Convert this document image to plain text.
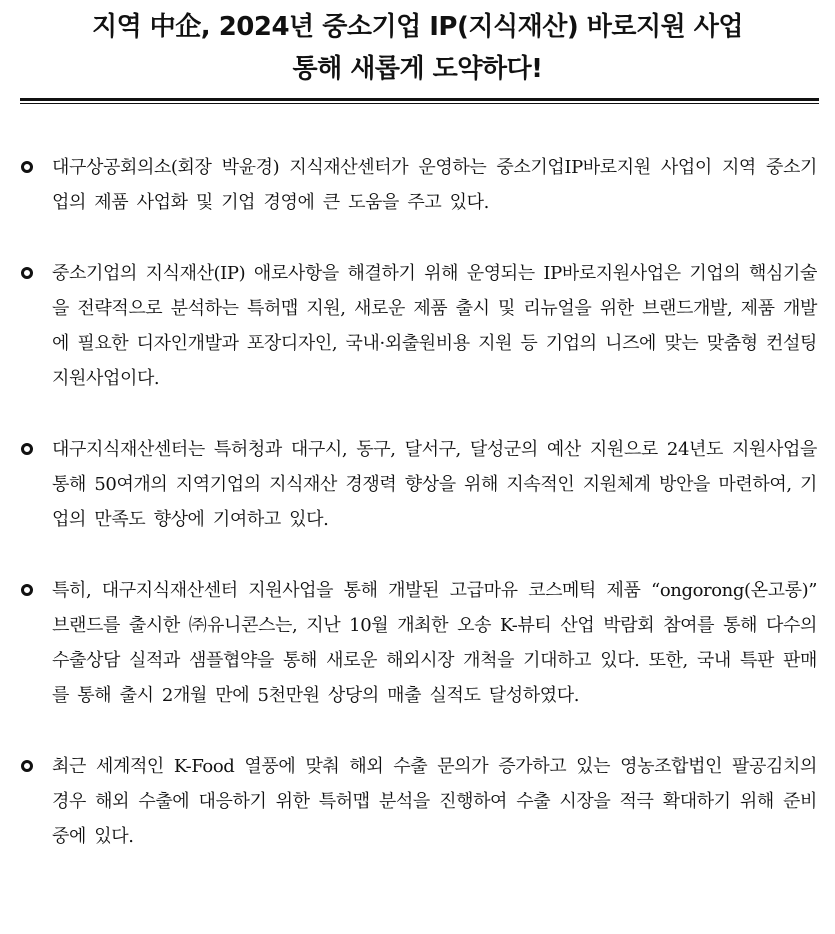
지역 中企, 2024년 중소기업 IP(지식재산) 바로지원 사업
통해 새롭게 도약하다!
대구상공회의소(회장 박윤경) 지식재산센터가 운영하는 중소기업IP바로지원 사업이 지역 중소기업의 제품 사업화 및 기업 경영에 큰 도움을 주고 있다.
중소기업의 지식재산(IP) 애로사항을 해결하기 위해 운영되는 IP바로지원사업은 기업의 핵심기술을 전략적으로 분석하는 특허맵 지원, 새로운 제품 출시 및 리뉴얼을 위한 브랜드개발, 제품 개발에 필요한 디자인개발과 포장디자인, 국내·외출원비용 지원 등 기업의 니즈에 맞는 맞춤형 컨설팅 지원사업이다.
대구지식재산센터는 특허청과 대구시, 동구, 달서구, 달성군의 예산 지원으로 24년도 지원사업을 통해 50여개의 지역기업의 지식재산 경쟁력 향상을 위해 지속적인 지원체계 방안을 마련하여, 기업의 만족도 향상에 기여하고 있다.
특히, 대구지식재산센터 지원사업을 통해 개발된 고급마유 코스메틱 제품 “ongorong(온고롱)” 브랜드를 출시한 ㈜유니콘스는, 지난 10월 개최한 오송 K-뷰티 산업 박람회 참여를 통해 다수의 수출상담 실적과 샘플협약을 통해 새로운 해외시장 개척을 기대하고 있다. 또한, 국내 특판 판매를 통해 출시 2개월 만에 5천만원 상당의 매출 실적도 달성하였다.
최근 세계적인 K-Food 열풍에 맞춰 해외 수출 문의가 증가하고 있는 영농조합법인 팔공김치의 경우 해외 수출에 대응하기 위한 특허맵 분석을 진행하여 수출 시장을 적극 확대하기 위해 준비 중에 있다.
